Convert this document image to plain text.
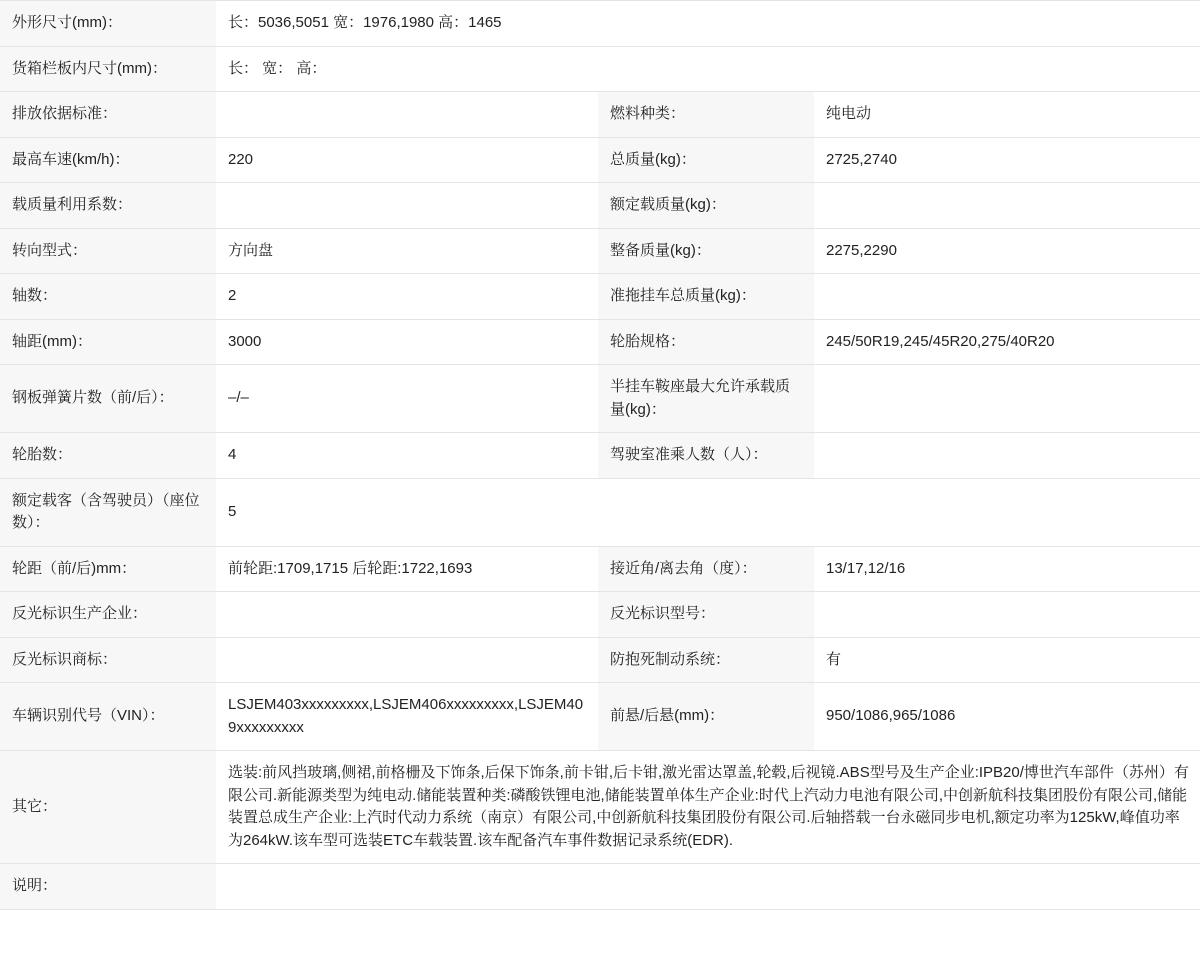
外形尺寸(mm)：	长：5036,5051 宽：1976,1980 高：1465		
货箱栏板内尺寸(mm)：	长： 宽： 高：		
排放依据标准：		燃料种类：	纯电动
最高车速(km/h)：	220	总质量(kg)：	2725,2740
载质量利用系数：		额定载质量(kg)：	
转向型式：	方向盘	整备质量(kg)：	2275,2290
轴数：	2	准拖挂车总质量(kg)：	
轴距(mm)：	3000	轮胎规格：	245/50R19,245/45R20,275/40R20
钢板弹簧片数（前/后）：	–/–	半挂车鞍座最大允许承载质量(kg)：	
轮胎数：	4	驾驶室准乘人数（人）：	
额定载客（含驾驶员）（座位数）：	5		
轮距（前/后)mm：	前轮距:1709,1715 后轮距:1722,1693	接近角/离去角（度）：	13/17,12/16
反光标识生产企业：		反光标识型号：	
反光标识商标：		防抱死制动系统：	有
车辆识别代号（VIN）：	LSJEM403xxxxxxxxx,LSJEM406xxxxxxxxx,LSJEM409xxxxxxxxx	前悬/后悬(mm)：	950/1086,965/1086
其它：	选装:前风挡玻璃,侧裙,前格栅及下饰条,后保下饰条,前卡钳,后卡钳,激光雷达罩盖,轮毂,后视镜.ABS型号及生产企业:IPB20/博世汽车部件（苏州）有限公司.新能源类型为纯电动.储能装置种类:磷酸铁锂电池,储能装置单体生产企业:时代上汽动力电池有限公司,中创新航科技集团股份有限公司,储能装置总成生产企业:上汽时代动力系统（南京）有限公司,中创新航科技集团股份有限公司.后轴搭载一台永磁同步电机,额定功率为125kW,峰值功率为264kW.该车型可选装ETC车载装置.该车配备汽车事件数据记录系统(EDR).		
说明：			
